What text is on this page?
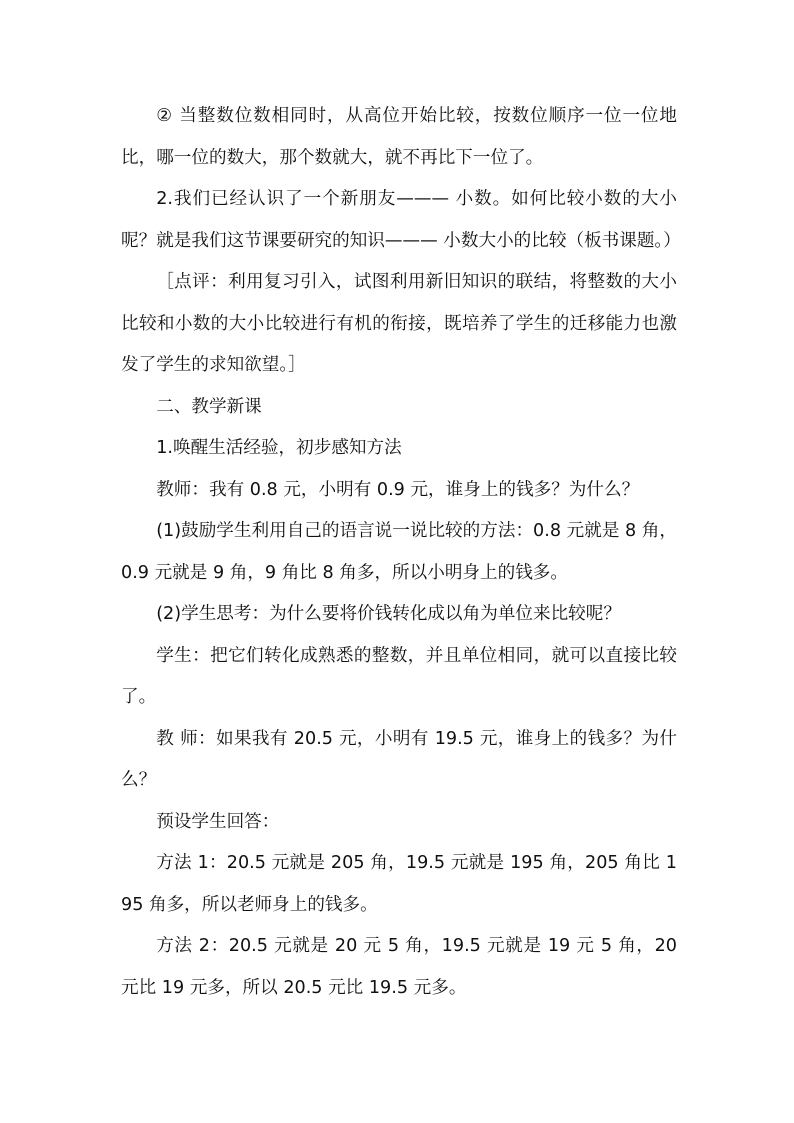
② 当整数位数相同时，从高位开始比较，按数位顺序一位一位地比，哪一位的数大，那个数就大，就不再比下一位了。

2.我们已经认识了一个新朋友——— 小数。如何比较小数的大小呢？就是我们这节课要研究的知识——— 小数大小的比较（板书课题。）

［点评：利用复习引入，试图利用新旧知识的联结，将整数的大小比较和小数的大小比较进行有机的衔接，既培养了学生的迁移能力也激发了学生的求知欲望。］

二、教学新课

1.唤醒生活经验，初步感知方法

教师：我有 0.8 元，小明有 0.9 元，谁身上的钱多？为什么？

(1)鼓励学生利用自己的语言说一说比较的方法：0.8 元就是 8 角，0.9 元就是 9 角，9 角比 8 角多，所以小明身上的钱多。

(2)学生思考：为什么要将价钱转化成以角为单位来比较呢？

学生：把它们转化成熟悉的整数，并且单位相同，就可以直接比较了。

教 师：如果我有 20.5 元，小明有 19.5 元，谁身上的钱多？为什么？

预设学生回答：

方法 1：20.5 元就是 205 角，19.5 元就是 195 角，205 角比 195 角多，所以老师身上的钱多。

方法 2：20.5 元就是 20 元 5 角，19.5 元就是 19 元 5 角，20 元比 19 元多，所以 20.5 元比 19.5 元多。
